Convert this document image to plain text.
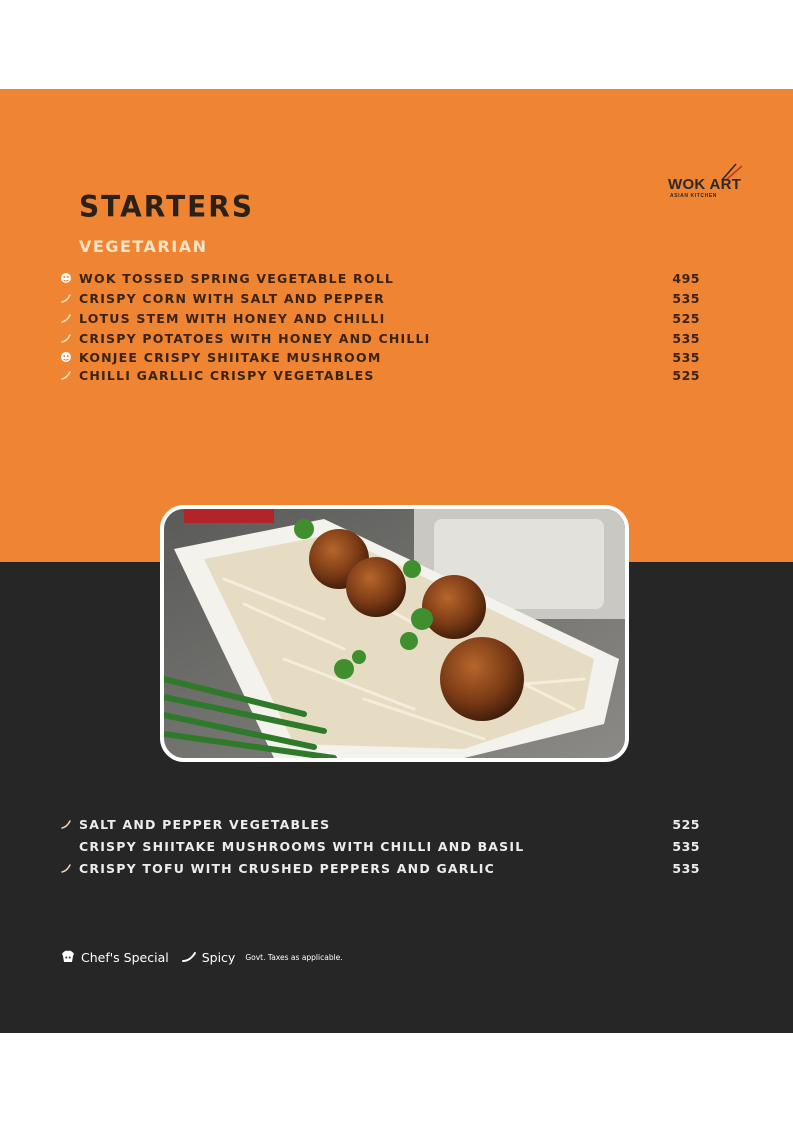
WOK ART
ASIAN KITCHEN
STARTERS
VEGETARIAN
WOK TOSSED SPRING VEGETABLE ROLL	495
CRISPY CORN WITH SALT AND PEPPER	535
LOTUS STEM WITH HONEY AND CHILLI	525
CRISPY POTATOES WITH HONEY AND CHILLI	535
KONJEE CRISPY SHIITAKE MUSHROOM	535
CHILLI GARLLIC CRISPY VEGETABLES	525
SALT AND PEPPER VEGETABLES	525
CRISPY SHIITAKE MUSHROOMS WITH CHILLI AND BASIL	535
CRISPY TOFU WITH CRUSHED PEPPERS AND GARLIC	535
Chef's Special	Spicy Govt. Taxes as applicable.
